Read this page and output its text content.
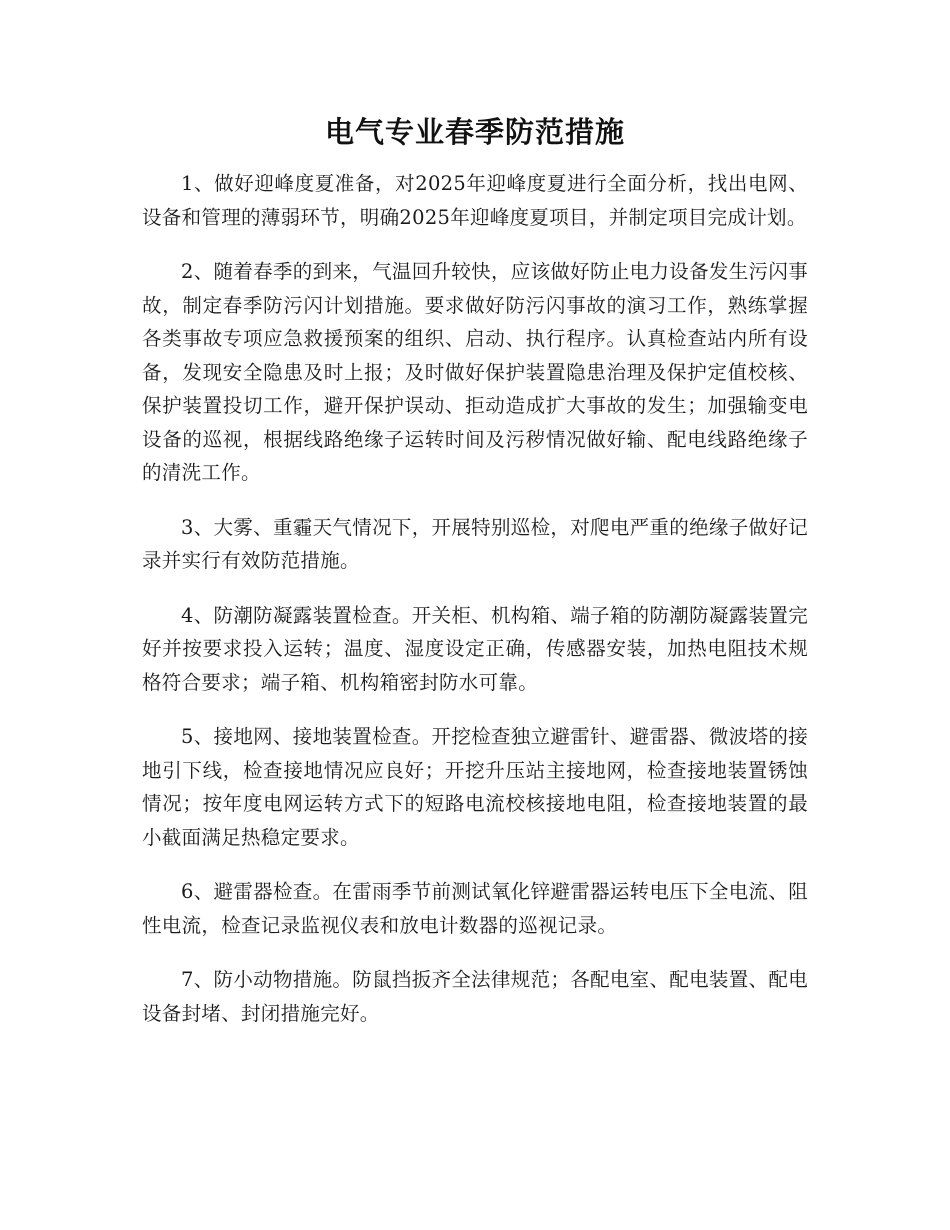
电气专业春季防范措施

1、做好迎峰度夏准备，对2025年迎峰度夏进行全面分析，找出电网、设备和管理的薄弱环节，明确2025年迎峰度夏项目，并制定项目完成计划。

2、随着春季的到来，气温回升较快，应该做好防止电力设备发生污闪事故，制定春季防污闪计划措施。要求做好防污闪事故的演习工作，熟练掌握各类事故专项应急救援预案的组织、启动、执行程序。认真检查站内所有设备，发现安全隐患及时上报；及时做好保护装置隐患治理及保护定值校核、保护装置投切工作，避开保护误动、拒动造成扩大事故的发生；加强输变电设备的巡视，根据线路绝缘子运转时间及污秽情况做好输、配电线路绝缘子的清洗工作。

3、大雾、重霾天气情况下，开展特别巡检，对爬电严重的绝缘子做好记录并实行有效防范措施。

4、防潮防凝露装置检查。开关柜、机构箱、端子箱的防潮防凝露装置完好并按要求投入运转；温度、湿度设定正确，传感器安装，加热电阻技术规格符合要求；端子箱、机构箱密封防水可靠。

5、接地网、接地装置检查。开挖检查独立避雷针、避雷器、微波塔的接地引下线，检查接地情况应良好；开挖升压站主接地网，检查接地装置锈蚀情况；按年度电网运转方式下的短路电流校核接地电阻，检查接地装置的最小截面满足热稳定要求。

6、避雷器检查。在雷雨季节前测试氧化锌避雷器运转电压下全电流、阻性电流，检查记录监视仪表和放电计数器的巡视记录。

7、防小动物措施。防鼠挡扳齐全法律规范；各配电室、配电装置、配电设备封堵、封闭措施完好。
